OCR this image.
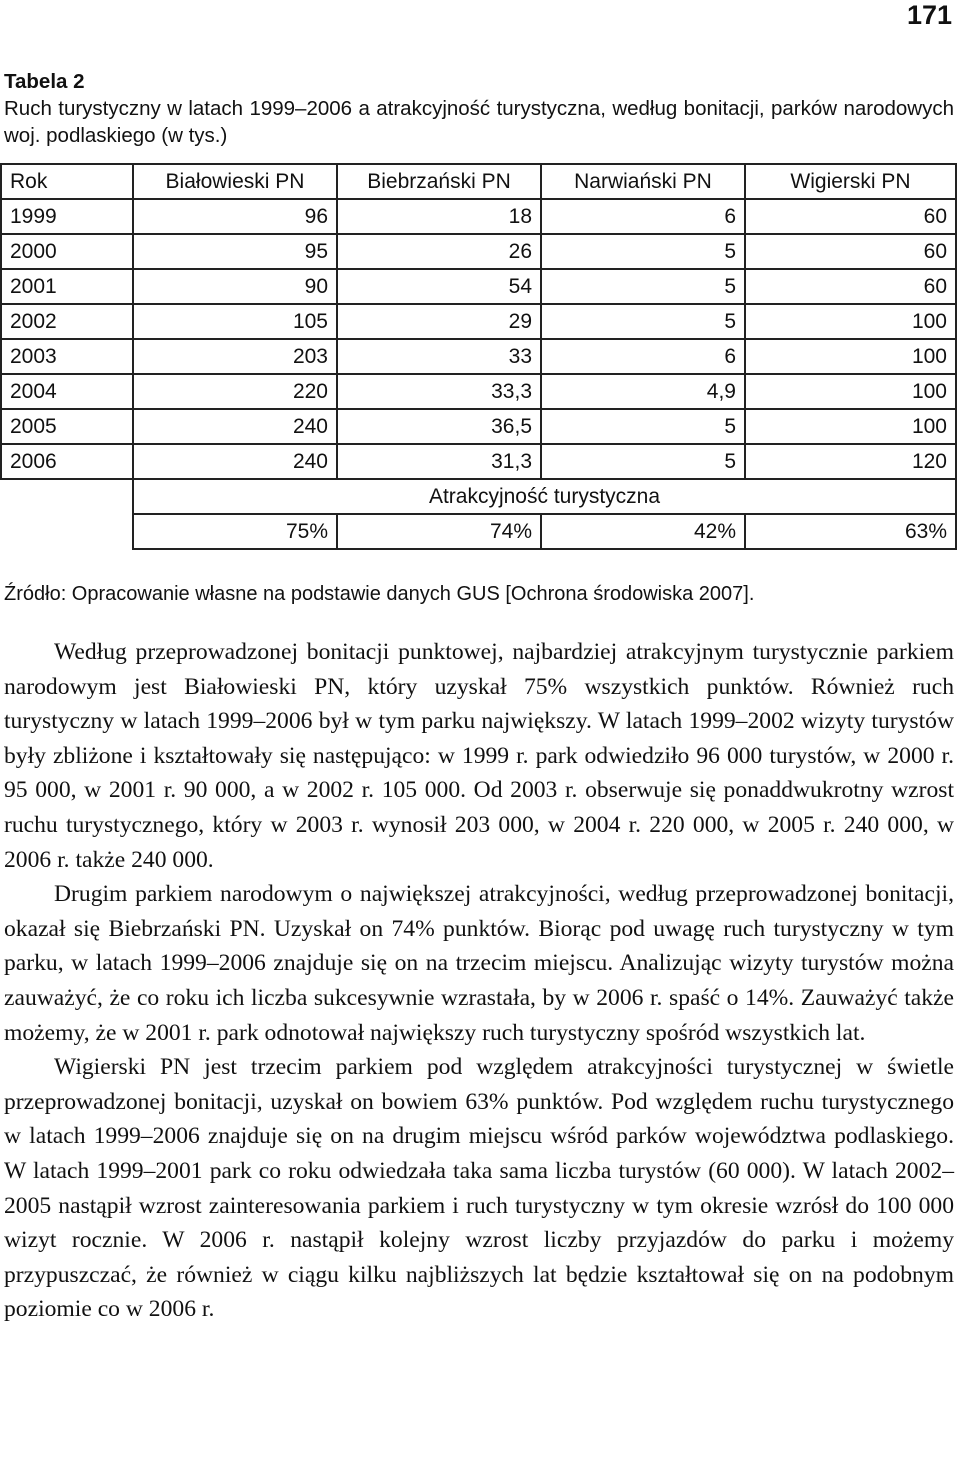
171
Tabela 2
Ruch turystyczny w latach 1999–2006 a atrakcyjność turystyczna, według bonitacji, parków narodowych woj. podlaskiego (w tys.)
Rok	Białowieski PN	Biebrzański PN	Narwiański PN	Wigierski PN
1999	96	18	6	60
2000	95	26	5	60
2001	90	54	5	60
2002	105	29	5	100
2003	203	33	6	100
2004	220	33,3	4,9	100
2005	240	36,5	5	100
2006	240	31,3	5	120
	Atrakcyjność turystyczna			
	75%	74%	42%	63%
Źródło: Opracowanie własne na podstawie danych GUS [Ochrona środowiska 2007].

Według przeprowadzonej bonitacji punktowej, najbardziej atrakcyjnym turystycznie parkiem narodowym jest Białowieski PN, który uzyskał 75% wszystkich punktów. Również ruch turystyczny w latach 1999–2006 był w tym parku największy. W latach 1999–2002 wizyty turystów były zbliżone i kształtowały się następująco: w 1999 r. park odwiedziło 96 000 turystów, w 2000 r. 95 000, w 2001 r. 90 000, a w 2002 r. 105 000. Od 2003 r. obserwuje się ponaddwukrotny wzrost ruchu turystycznego, który w 2003 r. wynosił 203 000, w 2004 r. 220 000, w 2005 r. 240 000, w 2006 r. także 240 000.

Drugim parkiem narodowym o największej atrakcyjności, według przeprowadzonej bonitacji, okazał się Biebrzański PN. Uzyskał on 74% punktów. Biorąc pod uwagę ruch turystyczny w tym parku, w latach 1999–2006 znajduje się on na trzecim miejscu. Analizując wizyty turystów można zauważyć, że co roku ich liczba sukcesywnie wzrastała, by w 2006 r. spaść o 14%. Zauważyć także możemy, że w 2001 r. park odnotował największy ruch turystyczny spośród wszystkich lat.

Wigierski PN jest trzecim parkiem pod względem atrakcyjności turystycznej w świetle przeprowadzonej bonitacji, uzyskał on bowiem 63% punktów. Pod względem ruchu turystycznego w latach 1999–2006 znajduje się on na drugim miejscu wśród parków województwa podlaskiego. W latach 1999–2001 park co roku odwiedzała taka sama liczba turystów (60 000). W latach 2002–2005 nastąpił wzrost zainteresowania parkiem i ruch turystyczny w tym okresie wzrósł do 100 000 wizyt rocznie. W 2006 r. nastąpił kolejny wzrost liczby przyjazdów do parku i możemy przypuszczać, że również w ciągu kilku najbliższych lat będzie kształtował się on na podobnym poziomie co w 2006 r.
